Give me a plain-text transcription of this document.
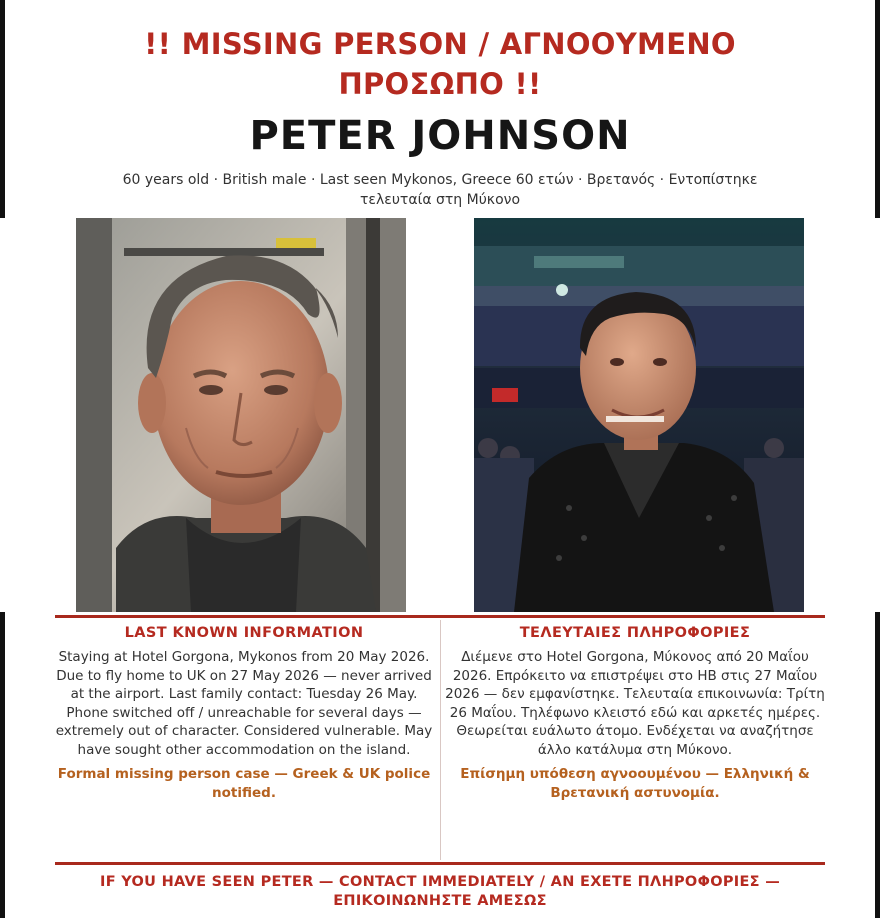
!! MISSING PERSON / ΑΓΝΟΟΥΜΕΝΟ ΠΡΟΣΩΠΟ !!
PETER JOHNSON

60 years old · British male · Last seen Mykonos, Greece 60 ετών · Βρετανός · Εντοπίστηκε τελευταία στη Μύκονο

LAST KNOWN INFORMATION

Staying at Hotel Gorgona, Mykonos from 20 May 2026. Due to fly home to UK on 27 May 2026 — never arrived at the airport. Last family contact: Tuesday 26 May. Phone switched off / unreachable for several days — extremely out of character. Considered vulnerable. May have sought other accommodation on the island.

Formal missing person case — Greek & UK police notified.

ΤΕΛΕΥΤΑΙΕΣ ΠΛΗΡΟΦΟΡΙΕΣ

Διέμενε στο Hotel Gorgona, Μύκονος από 20 Μαΐου 2026. Επρόκειτο να επιστρέψει στο ΗΒ στις 27 Μαΐου 2026 — δεν εμφανίστηκε. Τελευταία επικοινωνία: Τρίτη 26 Μαΐου. Τηλέφωνο κλειστό εδώ και αρκετές ημέρες. Θεωρείται ευάλωτο άτομο. Ενδέχεται να αναζήτησε άλλο κατάλυμα στη Μύκονο.

Επίσημη υπόθεση αγνοουμένου — Ελληνική & Βρετανική αστυνομία.

IF YOU HAVE SEEN PETER — CONTACT IMMEDIATELY / AN EXETE ΠΛΗΡΟΦΟΡΙΕΣ — ΕΠΙΚΟΙΝΩΝΗΣΤΕ ΑΜΕΣΩΣ
